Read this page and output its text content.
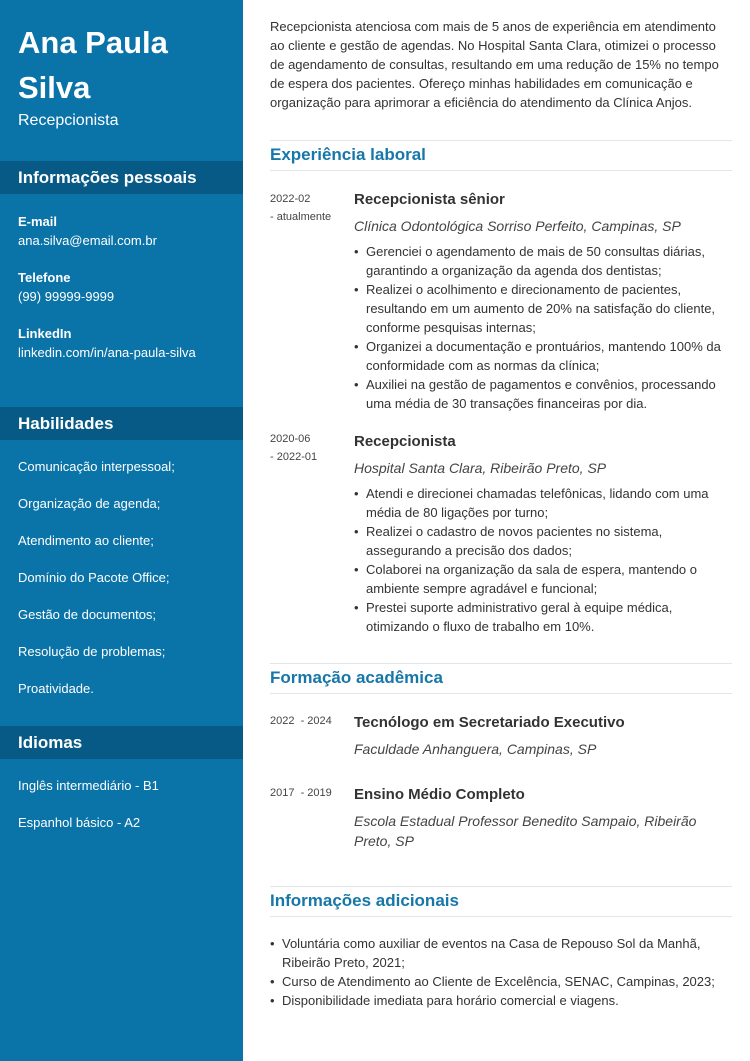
Ana Paula Silva
Recepcionista
Informações pessoais
E-mail
ana.silva@email.com.br
Telefone
(99) 99999-9999
LinkedIn
linkedin.com/in/ana-paula-silva
Habilidades
Comunicação interpessoal;
Organização de agenda;
Atendimento ao cliente;
Domínio do Pacote Office;
Gestão de documentos;
Resolução de problemas;
Proatividade.
Idiomas
Inglês intermediário - B1
Espanhol básico - A2

Recepcionista atenciosa com mais de 5 anos de experiência em atendimento ao cliente e gestão de agendas. No Hospital Santa Clara, otimizei o processo de agendamento de consultas, resultando em uma redução de 15% no tempo de espera dos pacientes. Ofereço minhas habilidades em comunicação e organização para aprimorar a eficiência do atendimento da Clínica Anjos.

Experiência laboral
2022-02
- atualmente
Recepcionista sênior
Clínica Odontológica Sorriso Perfeito, Campinas, SP
• Gerenciei o agendamento de mais de 50 consultas diárias, garantindo a organização da agenda dos dentistas;
• Realizei o acolhimento e direcionamento de pacientes, resultando em um aumento de 20% na satisfação do cliente, conforme pesquisas internas;
• Organizei a documentação e prontuários, mantendo 100% da conformidade com as normas da clínica;
• Auxiliei na gestão de pagamentos e convênios, processando uma média de 30 transações financeiras por dia.
2020-06
- 2022-01
Recepcionista
Hospital Santa Clara, Ribeirão Preto, SP
• Atendi e direcionei chamadas telefônicas, lidando com uma média de 80 ligações por turno;
• Realizei o cadastro de novos pacientes no sistema, assegurando a precisão dos dados;
• Colaborei na organização da sala de espera, mantendo o ambiente sempre agradável e funcional;
• Prestei suporte administrativo geral à equipe médica, otimizando o fluxo de trabalho em 10%.
Formação acadêmica
2022  - 2024	Tecnólogo em Secretariado Executivo
Faculdade Anhanguera, Campinas, SP
2017  - 2019	Ensino Médio Completo
Escola Estadual Professor Benedito Sampaio, Ribeirão Preto, SP
Informações adicionais
• Voluntária como auxiliar de eventos na Casa de Repouso Sol da Manhã, Ribeirão Preto, 2021;
• Curso de Atendimento ao Cliente de Excelência, SENAC, Campinas, 2023;
• Disponibilidade imediata para horário comercial e viagens.
